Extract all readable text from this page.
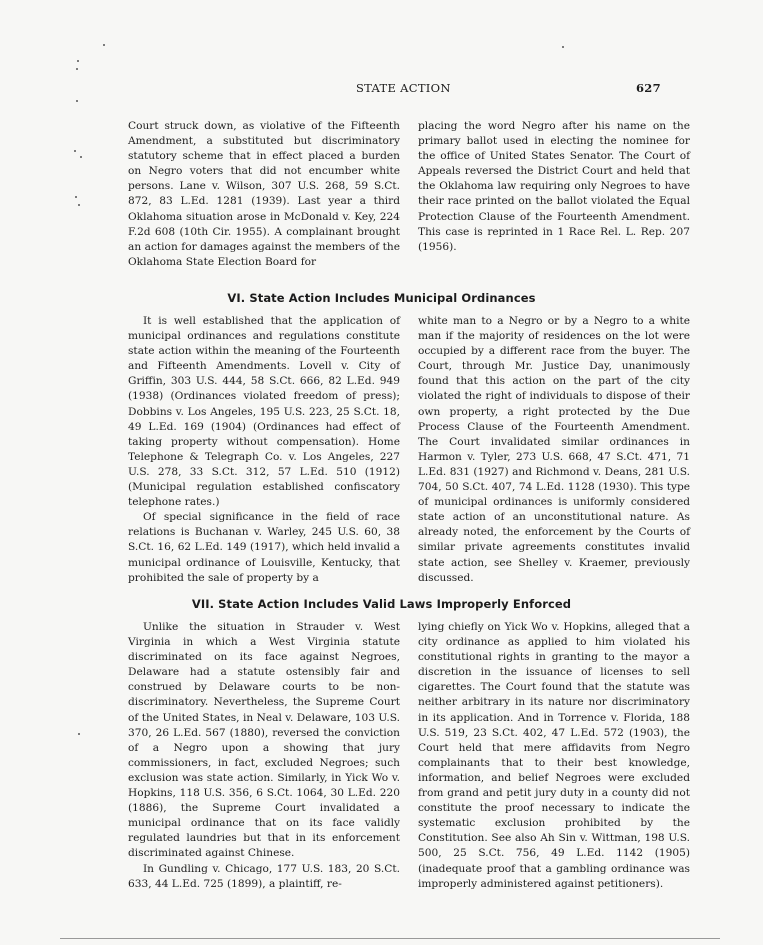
STATE ACTION	627

Court struck down, as violative of the Fifteenth Amendment, a substituted but discriminatory statutory scheme that in effect placed a burden on Negro voters that did not encumber white persons. Lane v. Wilson, 307 U.S. 268, 59 S.Ct. 872, 83 L.Ed. 1281 (1939). Last year a third Oklahoma situation arose in McDonald v. Key, 224 F.2d 608 (10th Cir. 1955). A complainant brought an action for damages against the members of the Oklahoma State Election Board for

placing the word Negro after his name on the primary ballot used in electing the nominee for the office of United States Senator. The Court of Appeals reversed the District Court and held that the Oklahoma law requiring only Negroes to have their race printed on the ballot violated the Equal Protection Clause of the Fourteenth Amendment. This case is reprinted in 1 Race Rel. L. Rep. 207 (1956).

VI. State Action Includes Municipal Ordinances

It is well established that the application of municipal ordinances and regulations constitute state action within the meaning of the Fourteenth and Fifteenth Amendments. Lovell v. City of Griffin, 303 U.S. 444, 58 S.Ct. 666, 82 L.Ed. 949 (1938) (Ordinances violated freedom of press); Dobbins v. Los Angeles, 195 U.S. 223, 25 S.Ct. 18, 49 L.Ed. 169 (1904) (Ordinances had effect of taking property without compensation). Home Telephone & Telegraph Co. v. Los Angeles, 227 U.S. 278, 33 S.Ct. 312, 57 L.Ed. 510 (1912) (Municipal regulation established confiscatory telephone rates.)

Of special significance in the field of race relations is Buchanan v. Warley, 245 U.S. 60, 38 S.Ct. 16, 62 L.Ed. 149 (1917), which held invalid a municipal ordinance of Louisville, Kentucky, that prohibited the sale of property by a

white man to a Negro or by a Negro to a white man if the majority of residences on the lot were occupied by a different race from the buyer. The Court, through Mr. Justice Day, unanimously found that this action on the part of the city violated the right of individuals to dispose of their own property, a right protected by the Due Process Clause of the Fourteenth Amendment. The Court invalidated similar ordinances in Harmon v. Tyler, 273 U.S. 668, 47 S.Ct. 471, 71 L.Ed. 831 (1927) and Richmond v. Deans, 281 U.S. 704, 50 S.Ct. 407, 74 L.Ed. 1128 (1930). This type of municipal ordinances is uniformly considered state action of an unconstitutional nature. As already noted, the enforcement by the Courts of similar private agreements constitutes invalid state action, see Shelley v. Kraemer, previously discussed.

VII. State Action Includes Valid Laws Improperly Enforced

Unlike the situation in Strauder v. West Virginia in which a West Virginia statute discriminated on its face against Negroes, Delaware had a statute ostensibly fair and construed by Delaware courts to be non-discriminatory. Nevertheless, the Supreme Court of the United States, in Neal v. Delaware, 103 U.S. 370, 26 L.Ed. 567 (1880), reversed the conviction of a Negro upon a showing that jury commissioners, in fact, excluded Negroes; such exclusion was state action. Similarly, in Yick Wo v. Hopkins, 118 U.S. 356, 6 S.Ct. 1064, 30 L.Ed. 220 (1886), the Supreme Court invalidated a municipal ordinance that on its face validly regulated laundries but that in its enforcement discriminated against Chinese.

In Gundling v. Chicago, 177 U.S. 183, 20 S.Ct. 633, 44 L.Ed. 725 (1899), a plaintiff, re-

lying chiefly on Yick Wo v. Hopkins, alleged that a city ordinance as applied to him violated his constitutional rights in granting to the mayor a discretion in the issuance of licenses to sell cigarettes. The Court found that the statute was neither arbitrary in its nature nor discriminatory in its application. And in Torrence v. Florida, 188 U.S. 519, 23 S.Ct. 402, 47 L.Ed. 572 (1903), the Court held that mere affidavits from Negro complainants that to their best knowledge, information, and belief Negroes were excluded from grand and petit jury duty in a county did not constitute the proof necessary to indicate the systematic exclusion prohibited by the Constitution. See also Ah Sin v. Wittman, 198 U.S. 500, 25 S.Ct. 756, 49 L.Ed. 1142 (1905) (inadequate proof that a gambling ordinance was improperly administered against petitioners).
